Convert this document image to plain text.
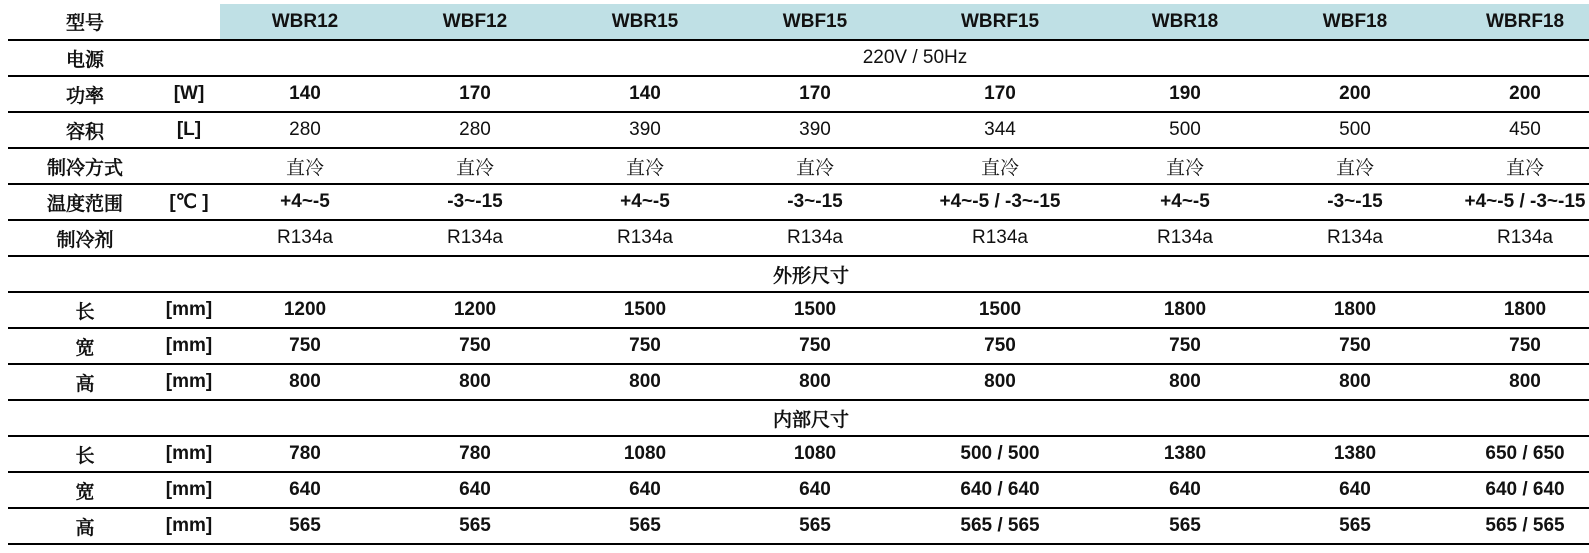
型号		WBR12	WBF12	WBR15	WBF15	WBRF15	WBR18	WBF18	WBRF18
电源		220V / 50Hz							
功率	[W]	140	170	140	170	170	190	200	200
容积	[L]	280	280	390	390	344	500	500	450
制冷方式		直冷	直冷	直冷	直冷	直冷	直冷	直冷	直冷
温度范围	[℃ ]	+4~-5	-3~-15	+4~-5	-3~-15	+4~-5 / -3~-15	+4~-5	-3~-15	+4~-5 / -3~-15
制冷剂		R134a	R134a	R134a	R134a	R134a	R134a	R134a	R134a
外形尺寸									
长	[mm]	1200	1200	1500	1500	1500	1800	1800	1800
宽	[mm]	750	750	750	750	750	750	750	750
高	[mm]	800	800	800	800	800	800	800	800
内部尺寸									
长	[mm]	780	780	1080	1080	500 / 500	1380	1380	650 / 650
宽	[mm]	640	640	640	640	640 / 640	640	640	640 / 640
高	[mm]	565	565	565	565	565 / 565	565	565	565 / 565
